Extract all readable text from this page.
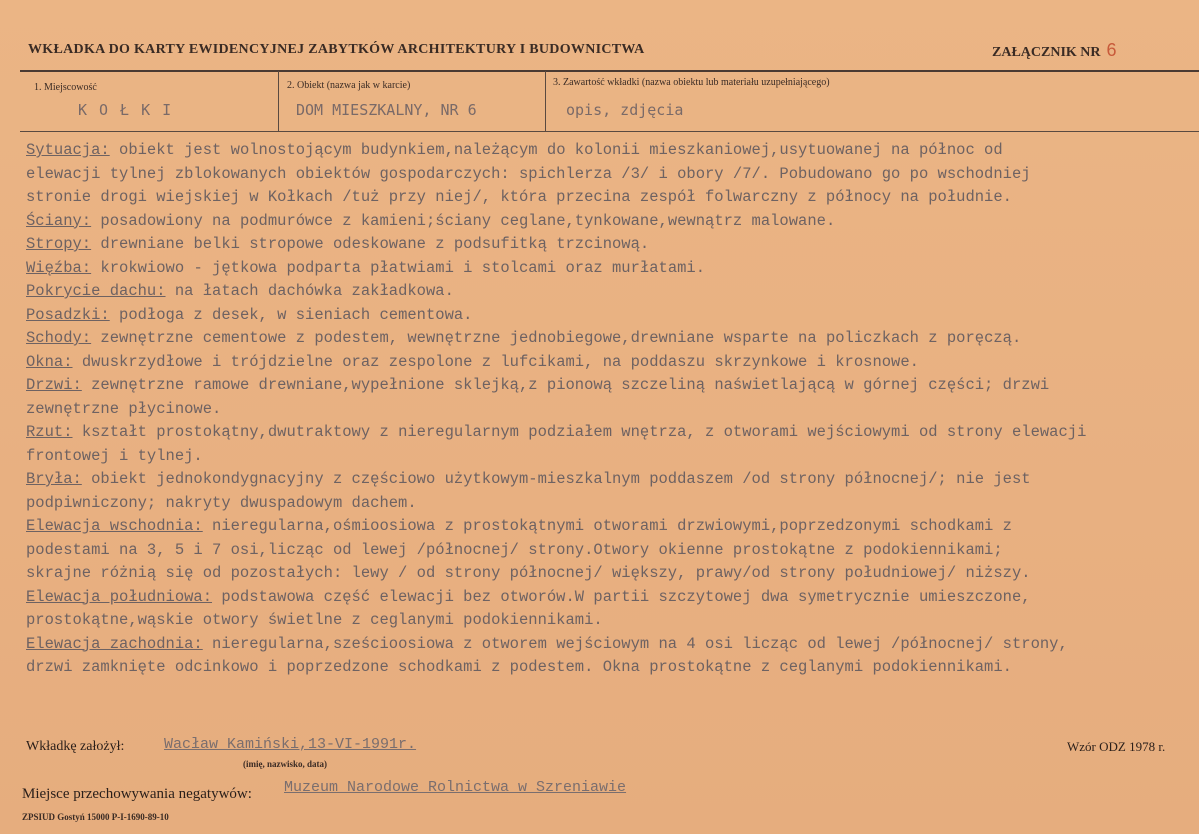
WKŁADKA DO KARTY EWIDENCYJNEJ ZABYTKÓW ARCHITEKTURY I BUDOWNICTWA	ZAŁĄCZNIK NR 6
1. Miejscowość
KOŁKI
2. Obiekt (nazwa jak w karcie)
DOM MIESZKALNY, NR 6
3. Zawartość wkładki (nazwa obiektu lub materiału uzupełniającego)
opis, zdjęcia
Sytuacja: obiekt jest wolnostojącym budynkiem,należącym do kolonii mieszkaniowej,usytuowanej na północ od
elewacji tylnej zblokowanych obiektów gospodarczych: spichlerza /3/ i obory /7/. Pobudowano go po wschodniej
stronie drogi wiejskiej w Kołkach /tuż przy niej/, która przecina zespół folwarczny z północy na południe.
Ściany: posadowiony na podmurówce z kamieni;ściany ceglane,tynkowane,wewnątrz malowane.
Stropy: drewniane belki stropowe odeskowane z podsufitką trzcinową.
Więźba: krokwiowo - jętkowa podparta płatwiami i stolcami oraz murłatami.
Pokrycie dachu: na łatach dachówka zakładkowa.
Posadzki: podłoga z desek, w sieniach cementowa.
Schody: zewnętrzne cementowe z podestem, wewnętrzne jednobiegowe,drewniane wsparte na policzkach z poręczą.
Okna: dwuskrzydłowe i trójdzielne oraz zespolone z lufcikami, na poddaszu skrzynkowe i krosnowe.
Drzwi: zewnętrzne ramowe drewniane,wypełnione sklejką,z pionową szczeliną naświetlającą w górnej części; drzwi
zewnętrzne płycinowe.
Rzut: kształt prostokątny,dwutraktowy z nieregularnym podziałem wnętrza, z otworami wejściowymi od strony elewacji
frontowej i tylnej.
Bryła: obiekt jednokondygnacyjny z częściowo użytkowym-mieszkalnym poddaszem /od strony północnej/; nie jest
podpiwniczony; nakryty dwuspadowym dachem.
Elewacja wschodnia: nieregularna,ośmioosiowa z prostokątnymi otworami drzwiowymi,poprzedzonymi schodkami z
podestami na 3, 5 i 7 osi,licząc od lewej /północnej/ strony.Otwory okienne prostokątne z podokiennikami;
skrajne różnią się od pozostałych: lewy / od strony północnej/ większy, prawy/od strony południowej/ niższy.
Elewacja południowa: podstawowa część elewacji bez otworów.W partii szczytowej dwa symetrycznie umieszczone,
prostokątne,wąskie otwory świetlne z ceglanymi podokiennikami.
Elewacja zachodnia: nieregularna,sześcioosiowa z otworem wejściowym na 4 osi licząc od lewej /północnej/ strony,
drzwi zamknięte odcinkowo i poprzedzone schodkami z podestem. Okna prostokątne z ceglanymi podokiennikami.
Wkładkę założył:	Wacław Kamiński,13-VI-1991r.
(imię, nazwisko, data)
Wzór ODZ 1978 r.
Miejsce przechowywania negatywów: Muzeum Narodowe Rolnictwa w Szreniawie
ZPSIUD Gostyń 15000 P-I-1690-89-10
